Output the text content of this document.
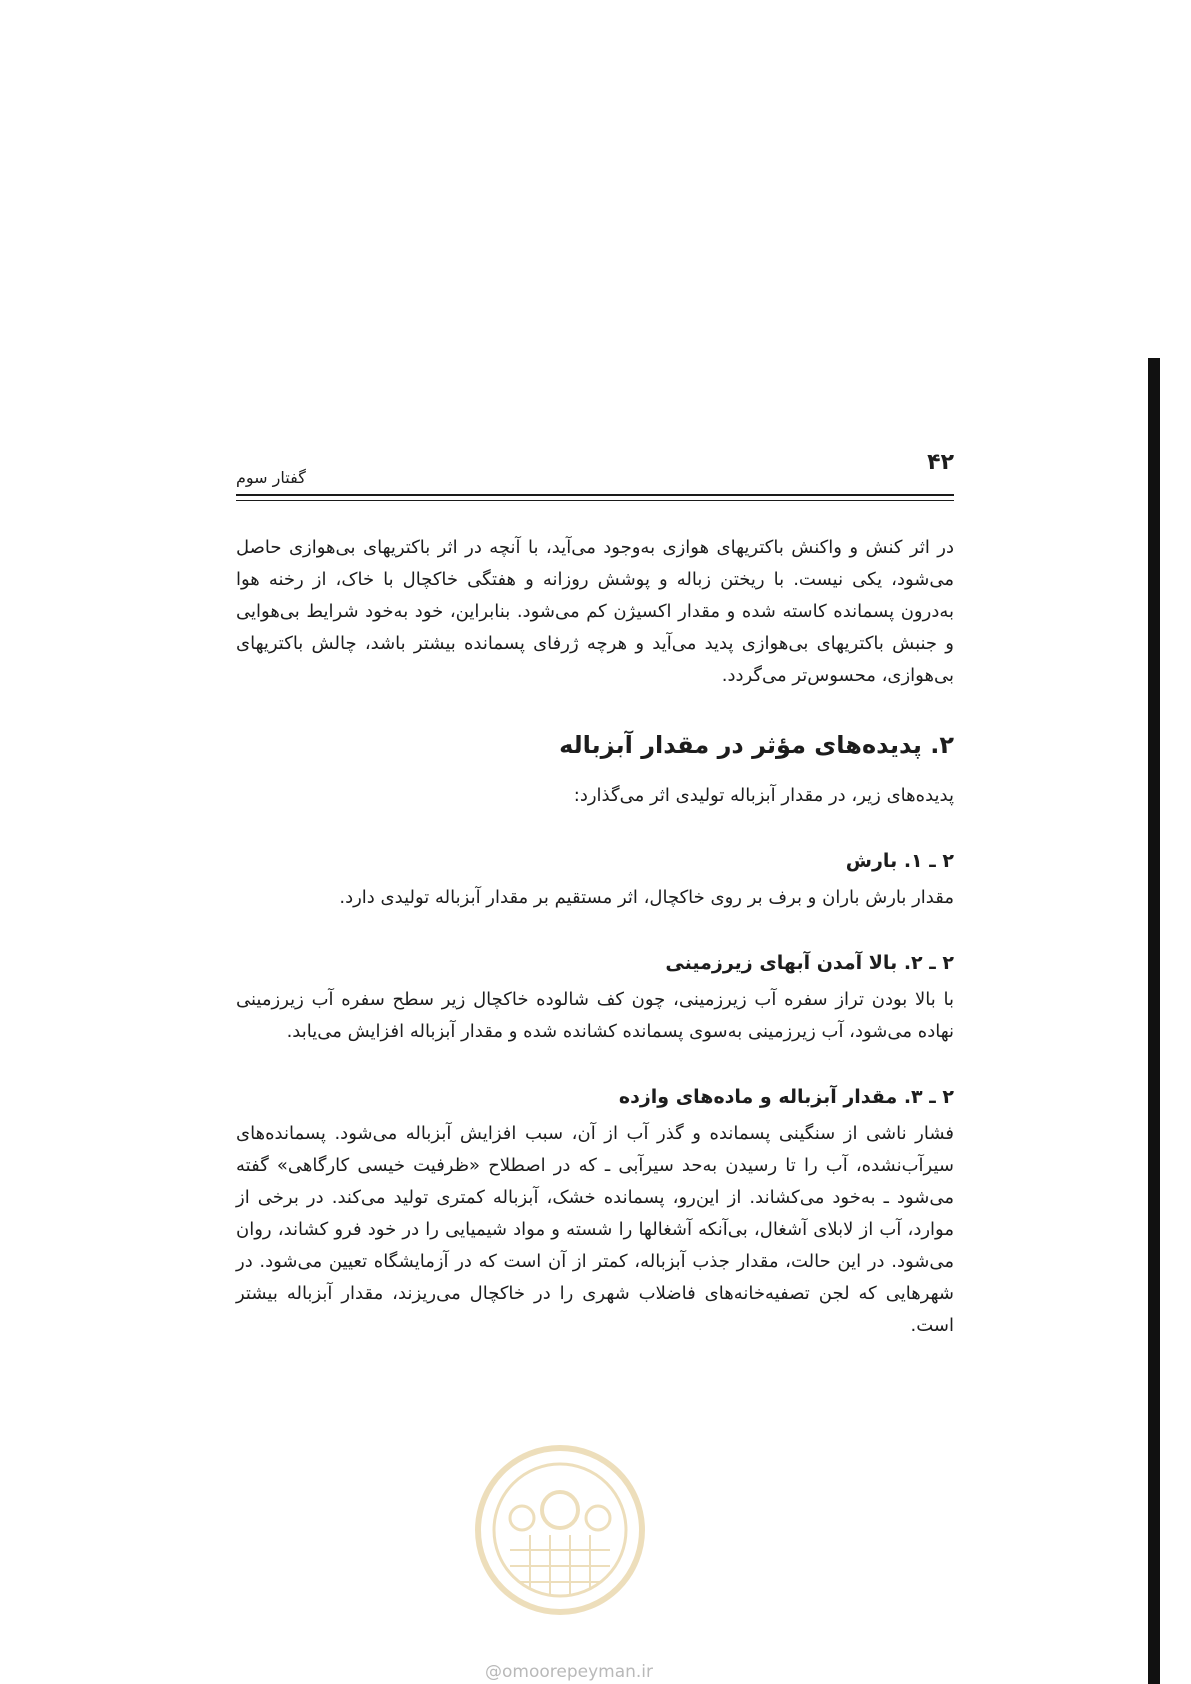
۴۲
گفتار سوم

در اثر کنش و واکنش باکتریهای هوازی به‌وجود می‌آید، با آنچه در اثر باکتریهای بی‌هوازی حاصل می‌شود، یکی نیست. با ریختن زباله و پوشش روزانه و هفتگی خاکچال با خاک، از رخنه هوا به‌درون پسمانده کاسته شده و مقدار اکسیژن کم می‌شود. بنابراین، خود به‌خود شرایط بی‌هوایی و جنبش باکتریهای بی‌هوازی پدید می‌آید و هرچه ژرفای پسمانده بیشتر باشد، چالش باکتریهای بی‌هوازی، محسوس‌تر می‌گردد.

۲. پدیده‌های مؤثر در مقدار آبزباله

پدیده‌های زیر، در مقدار آبزباله تولیدی اثر می‌گذارد:

۲ ـ ۱. بارش

مقدار بارش باران و برف بر روی خاکچال، اثر مستقیم بر مقدار آبزباله تولیدی دارد.

۲ ـ ۲. بالا آمدن آبهای زیرزمینی

با بالا بودن تراز سفره آب زیرزمینی، چون کف شالوده خاکچال زیر سطح سفره آب زیرزمینی نهاده می‌شود، آب زیرزمینی به‌سوی پسمانده کشانده شده و مقدار آبزباله افزایش می‌یابد.

۲ ـ ۳. مقدار آبزباله و ماده‌های وازده

فشار ناشی از سنگینی پسمانده و گذر آب از آن، سبب افزایش آبزباله می‌شود. پسمانده‌های سیرآب‌نشده، آب را تا رسیدن به‌حد سیرآبی ـ که در اصطلاح «ظرفیت خیسی کارگاهی» گفته می‌شود ـ به‌خود می‌کشاند. از این‌رو، پسمانده خشک، آبزباله کمتری تولید می‌کند. در برخی از موارد، آب از لابلای آشغال، بی‌آنکه آشغالها را شسته و مواد شیمیایی را در خود فرو کشاند، روان می‌شود. در این حالت، مقدار جذب آبزباله، کمتر از آن است که در آزمایشگاه تعیین می‌شود. در شهرهایی که لجن تصفیه‌خانه‌های فاضلاب شهری را در خاکچال می‌ریزند، مقدار آبزباله بیشتر است.

@omoorepeyman.ir
